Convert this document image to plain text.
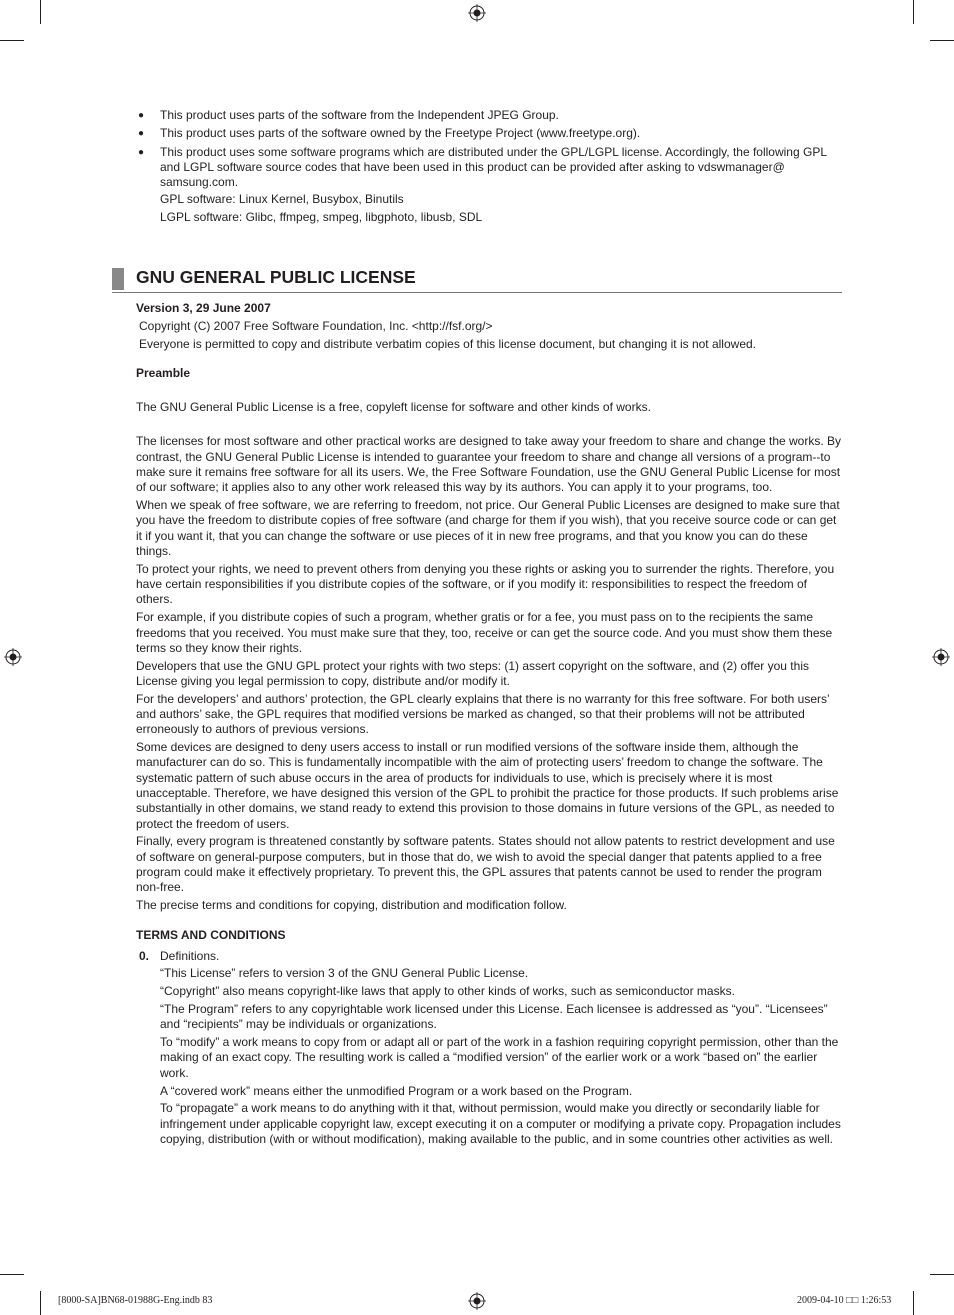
● This product uses parts of the software from the Independent JPEG Group.
● This product uses parts of the software owned by the Freetype Project (www.freetype.org).
● This product uses some software programs which are distributed under the GPL/LGPL license. Accordingly, the following GPL and LGPL software source codes that have been used in this product can be provided after asking to vdswmanager@ samsung.com.
GPL software: Linux Kernel, Busybox, Binutils
LGPL software: Glibc, ffmpeg, smpeg, libgphoto, libusb, SDL
GNU GENERAL PUBLIC LICENSE
Version 3, 29 June 2007
Copyright (C) 2007 Free Software Foundation, Inc. <http://fsf.org/>
Everyone is permitted to copy and distribute verbatim copies of this license document, but changing it is not allowed.
Preamble
The GNU General Public License is a free, copyleft license for software and other kinds of works.
The licenses for most software and other practical works are designed to take away your freedom to share and change the works. By contrast, the GNU General Public License is intended to guarantee your freedom to share and change all versions of a program--to make sure it remains free software for all its users. We, the Free Software Foundation, use the GNU General Public License for most of our software; it applies also to any other work released this way by its authors. You can apply it to your programs, too.
When we speak of free software, we are referring to freedom, not price. Our General Public Licenses are designed to make sure that you have the freedom to distribute copies of free software (and charge for them if you wish), that you receive source code or can get it if you want it, that you can change the software or use pieces of it in new free programs, and that you know you can do these things.
To protect your rights, we need to prevent others from denying you these rights or asking you to surrender the rights. Therefore, you have certain responsibilities if you distribute copies of the software, or if you modify it: responsibilities to respect the freedom of others.
For example, if you distribute copies of such a program, whether gratis or for a fee, you must pass on to the recipients the same freedoms that you received. You must make sure that they, too, receive or can get the source code. And you must show them these terms so they know their rights.
Developers that use the GNU GPL protect your rights with two steps: (1) assert copyright on the software, and (2) offer you this License giving you legal permission to copy, distribute and/or modify it.
For the developers’ and authors’ protection, the GPL clearly explains that there is no warranty for this free software. For both users’ and authors’ sake, the GPL requires that modified versions be marked as changed, so that their problems will not be attributed erroneously to authors of previous versions.
Some devices are designed to deny users access to install or run modified versions of the software inside them, although the manufacturer can do so. This is fundamentally incompatible with the aim of protecting users’ freedom to change the software. The systematic pattern of such abuse occurs in the area of products for individuals to use, which is precisely where it is most unacceptable. Therefore, we have designed this version of the GPL to prohibit the practice for those products. If such problems arise substantially in other domains, we stand ready to extend this provision to those domains in future versions of the GPL, as needed to protect the freedom of users.
Finally, every program is threatened constantly by software patents. States should not allow patents to restrict development and use of software on general-purpose computers, but in those that do, we wish to avoid the special danger that patents applied to a free program could make it effectively proprietary. To prevent this, the GPL assures that patents cannot be used to render the program non-free.
The precise terms and conditions for copying, distribution and modification follow.
TERMS AND CONDITIONS
0. Definitions.
“This License” refers to version 3 of the GNU General Public License.
“Copyright” also means copyright-like laws that apply to other kinds of works, such as semiconductor masks.
“The Program” refers to any copyrightable work licensed under this License. Each licensee is addressed as “you”. “Licensees” and “recipients” may be individuals or organizations.
To “modify” a work means to copy from or adapt all or part of the work in a fashion requiring copyright permission, other than the making of an exact copy. The resulting work is called a “modified version” of the earlier work or a work “based on” the earlier work.
A “covered work” means either the unmodified Program or a work based on the Program.
To “propagate” a work means to do anything with it that, without permission, would make you directly or secondarily liable for infringement under applicable copyright law, except executing it on a computer or modifying a private copy. Propagation includes copying, distribution (with or without modification), making available to the public, and in some countries other activities as well.
[8000-SA]BN68-01988G-Eng.indb 83	2009-04-10 □□ 1:26:53
